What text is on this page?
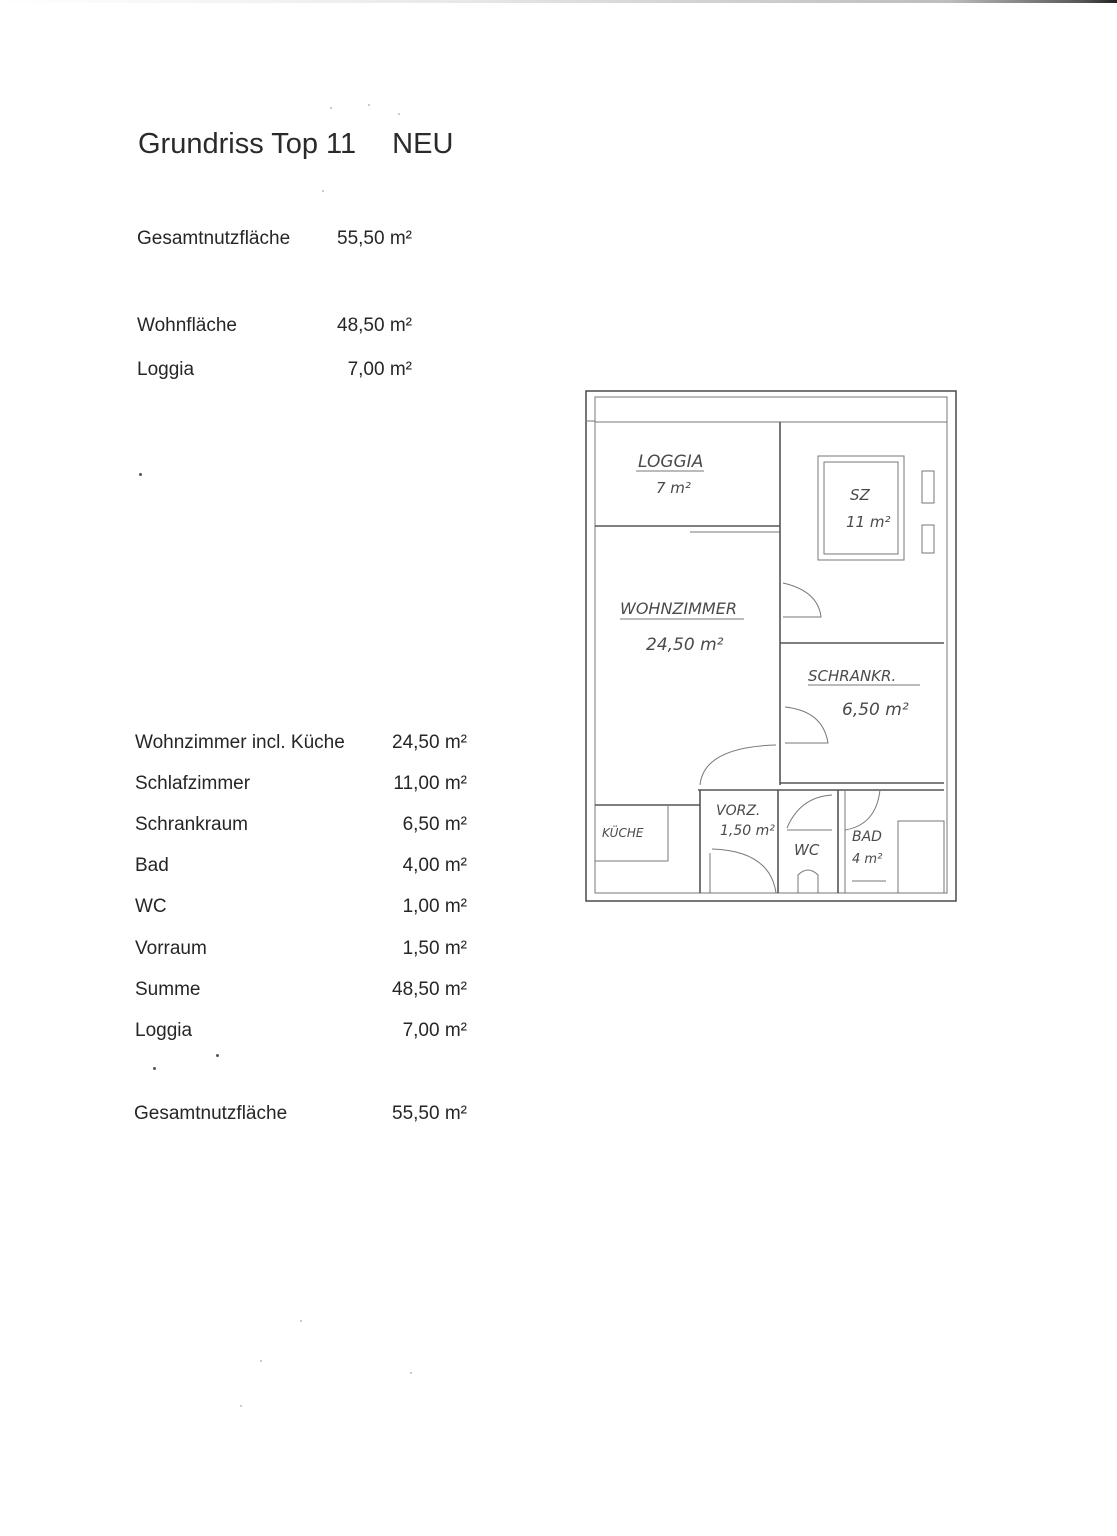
Grundriss Top 11 NEU
Gesamtnutzfläche	55,50 m²
Wohnfläche	48,50 m²
Loggia	7,00 m²
Wohnzimmer incl. Küche	24,50 m²
Schlafzimmer	11,00 m²
Schrankraum	6,50 m²
Bad	4,00 m²
WC	1,00 m²
Vorraum	1,50 m²
Summe	48,50 m²
Loggia	7,00 m²
Gesamtnutzfläche	55,50 m²
LOGGIA
7 m²	SZ
11 m²
WOHNZIMMER
24,50 m²
SCHRANKR.
6,50 m²
KÜCHE
VORZ.
1,50 m²
WC
BAD
4 m²
